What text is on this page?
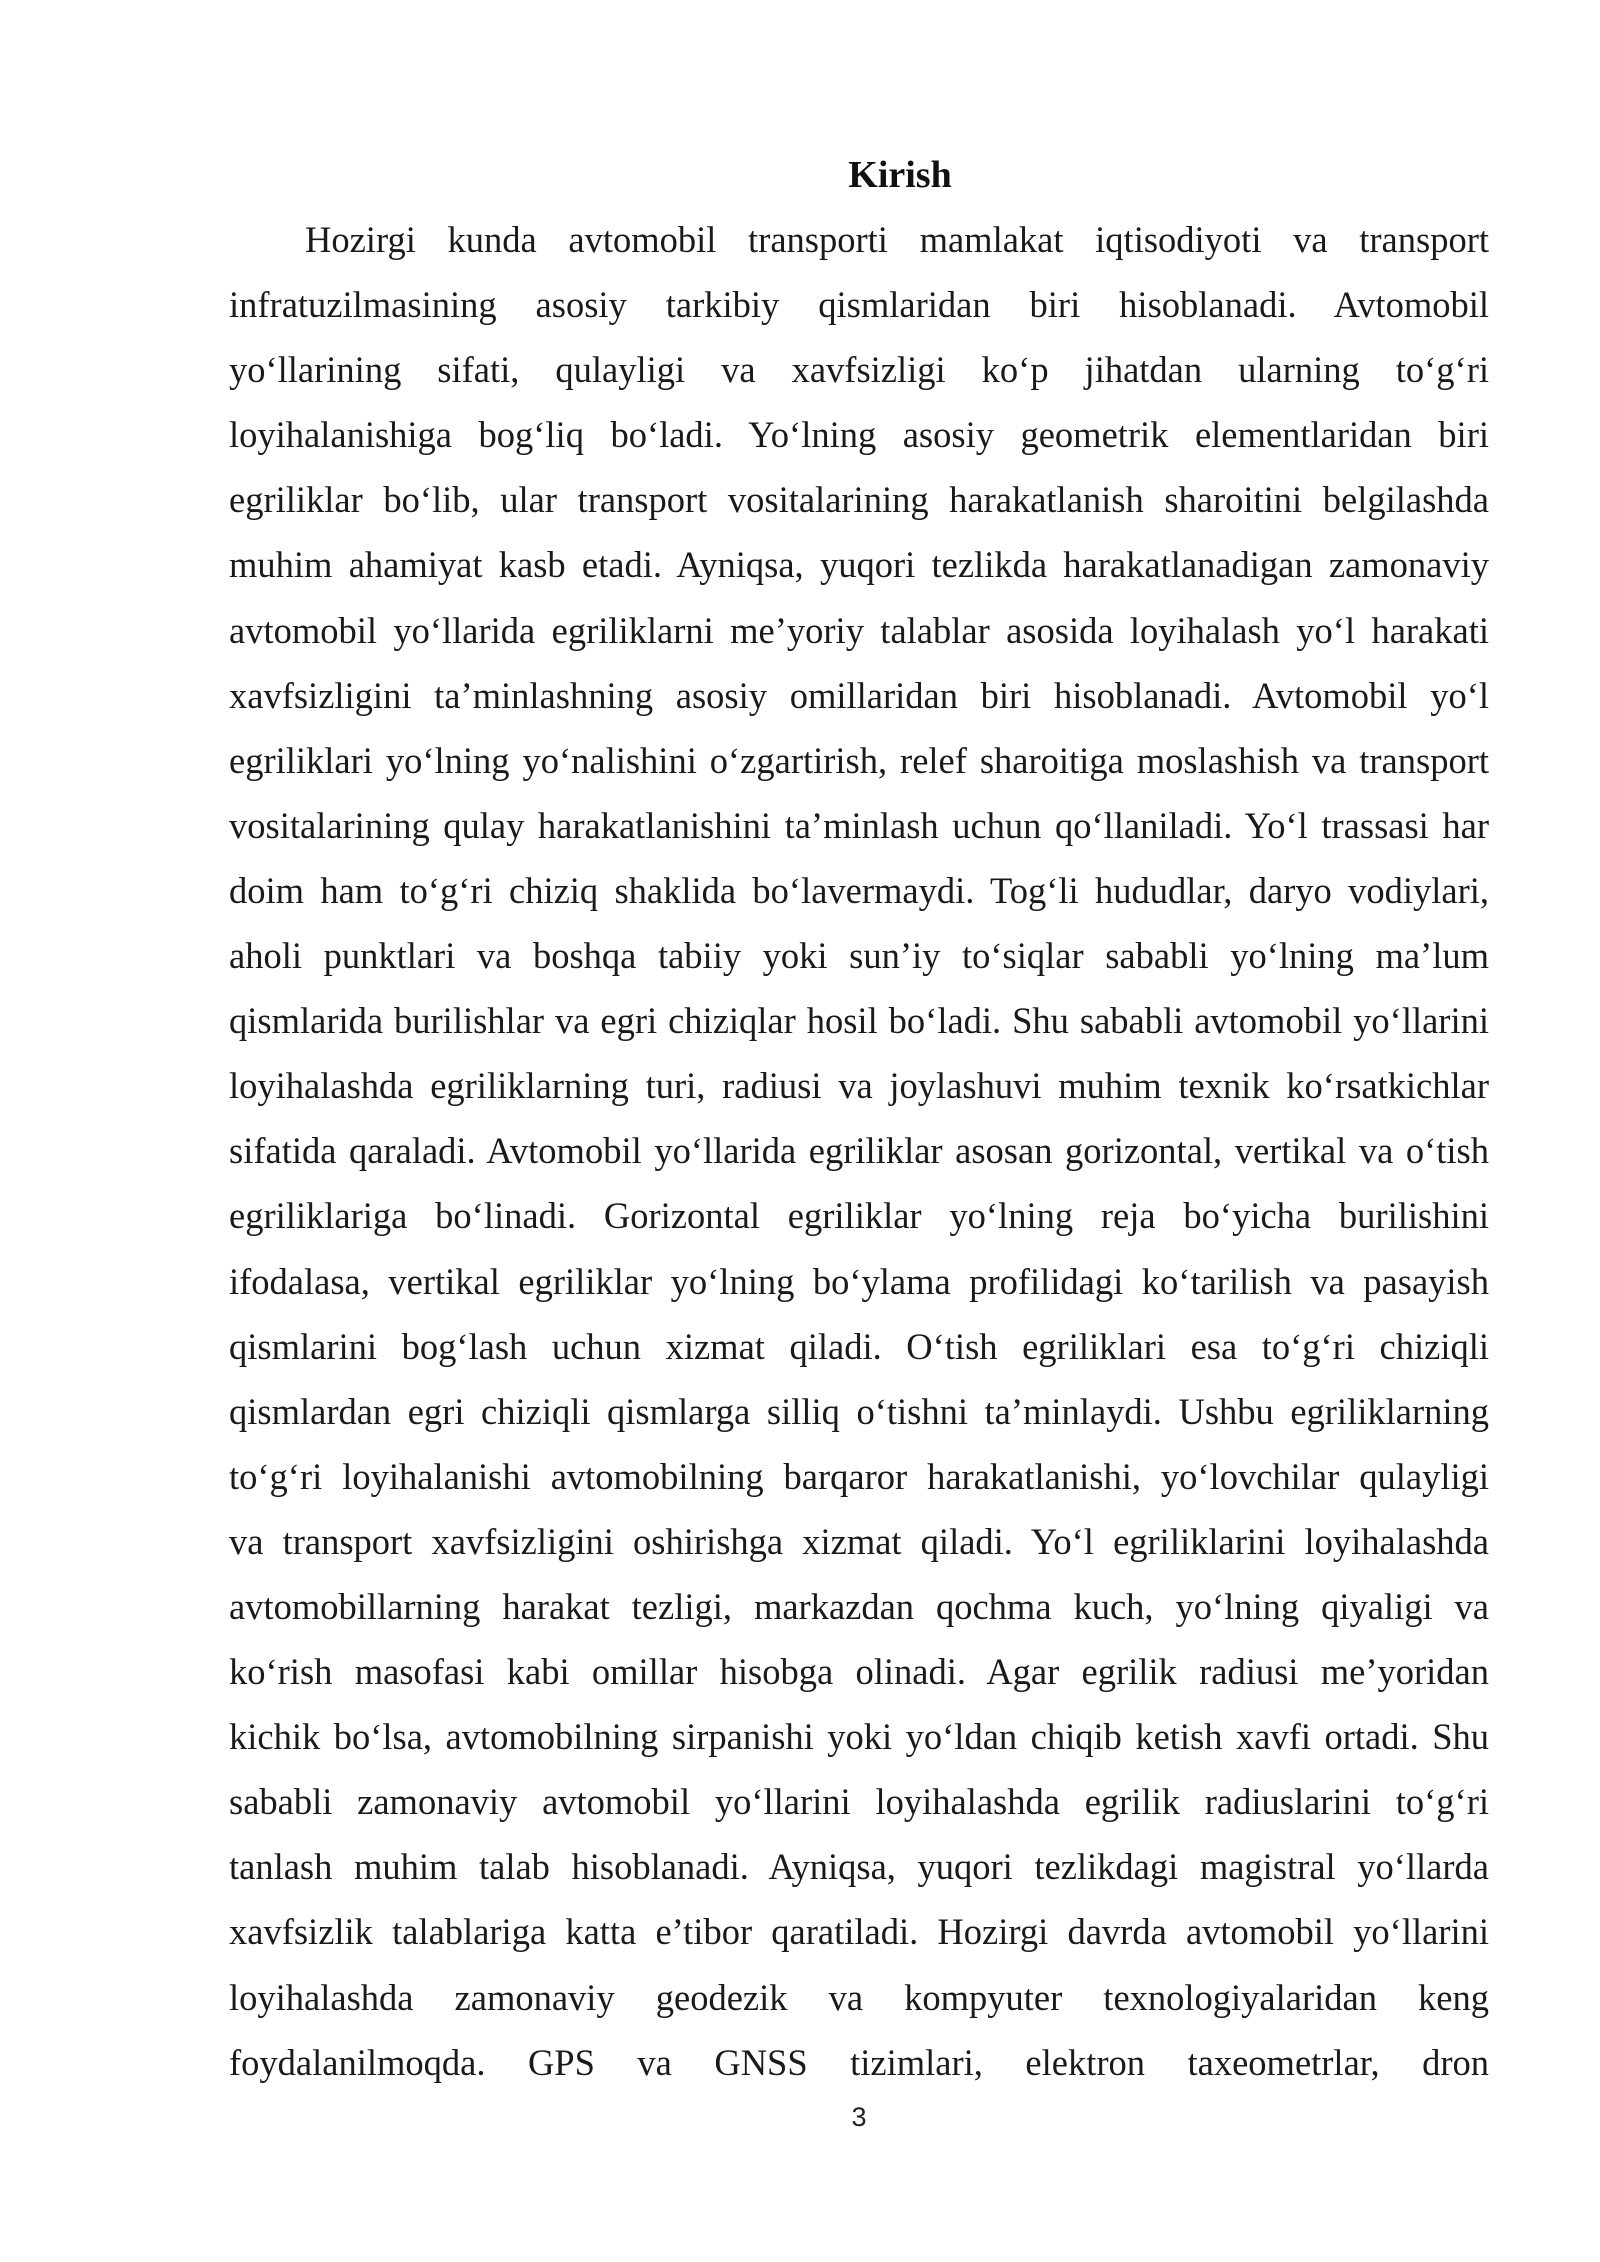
Kirish
Hozirgi kunda avtomobil transporti mamlakat iqtisodiyoti va transport
infratuzilmasining asosiy tarkibiy qismlaridan biri hisoblanadi. Avtomobil
yo‘llarining sifati, qulayligi va xavfsizligi ko‘p jihatdan ularning to‘g‘ri
loyihalanishiga bog‘liq bo‘ladi. Yo‘lning asosiy geometrik elementlaridan biri
egriliklar bo‘lib, ular transport vositalarining harakatlanish sharoitini belgilashda
muhim ahamiyat kasb etadi. Ayniqsa, yuqori tezlikda harakatlanadigan zamonaviy
avtomobil yo‘llarida egriliklarni me’yoriy talablar asosida loyihalash yo‘l harakati
xavfsizligini ta’minlashning asosiy omillaridan biri hisoblanadi. Avtomobil yo‘l
egriliklari yo‘lning yo‘nalishini o‘zgartirish, relef sharoitiga moslashish va transport
vositalarining qulay harakatlanishini ta’minlash uchun qo‘llaniladi. Yo‘l trassasi har
doim ham to‘g‘ri chiziq shaklida bo‘lavermaydi. Tog‘li hududlar, daryo vodiylari,
aholi punktlari va boshqa tabiiy yoki sun’iy to‘siqlar sababli yo‘lning ma’lum
qismlarida burilishlar va egri chiziqlar hosil bo‘ladi. Shu sababli avtomobil yo‘llarini
loyihalashda egriliklarning turi, radiusi va joylashuvi muhim texnik ko‘rsatkichlar
sifatida qaraladi. Avtomobil yo‘llarida egriliklar asosan gorizontal, vertikal va o‘tish
egriliklariga bo‘linadi. Gorizontal egriliklar yo‘lning reja bo‘yicha burilishini
ifodalasa, vertikal egriliklar yo‘lning bo‘ylama profilidagi ko‘tarilish va pasayish
qismlarini bog‘lash uchun xizmat qiladi. O‘tish egriliklari esa to‘g‘ri chiziqli
qismlardan egri chiziqli qismlarga silliq o‘tishni ta’minlaydi. Ushbu egriliklarning
to‘g‘ri loyihalanishi avtomobilning barqaror harakatlanishi, yo‘lovchilar qulayligi
va transport xavfsizligini oshirishga xizmat qiladi. Yo‘l egriliklarini loyihalashda
avtomobillarning harakat tezligi, markazdan qochma kuch, yo‘lning qiyaligi va
ko‘rish masofasi kabi omillar hisobga olinadi. Agar egrilik radiusi me’yoridan
kichik bo‘lsa, avtomobilning sirpanishi yoki yo‘ldan chiqib ketish xavfi ortadi. Shu
sababli zamonaviy avtomobil yo‘llarini loyihalashda egrilik radiuslarini to‘g‘ri
tanlash muhim talab hisoblanadi. Ayniqsa, yuqori tezlikdagi magistral yo‘llarda
xavfsizlik talablariga katta e’tibor qaratiladi. Hozirgi davrda avtomobil yo‘llarini
loyihalashda zamonaviy geodezik va kompyuter texnologiyalaridan keng
foydalanilmoqda. GPS va GNSS tizimlari, elektron taxeometrlar, dron
3
